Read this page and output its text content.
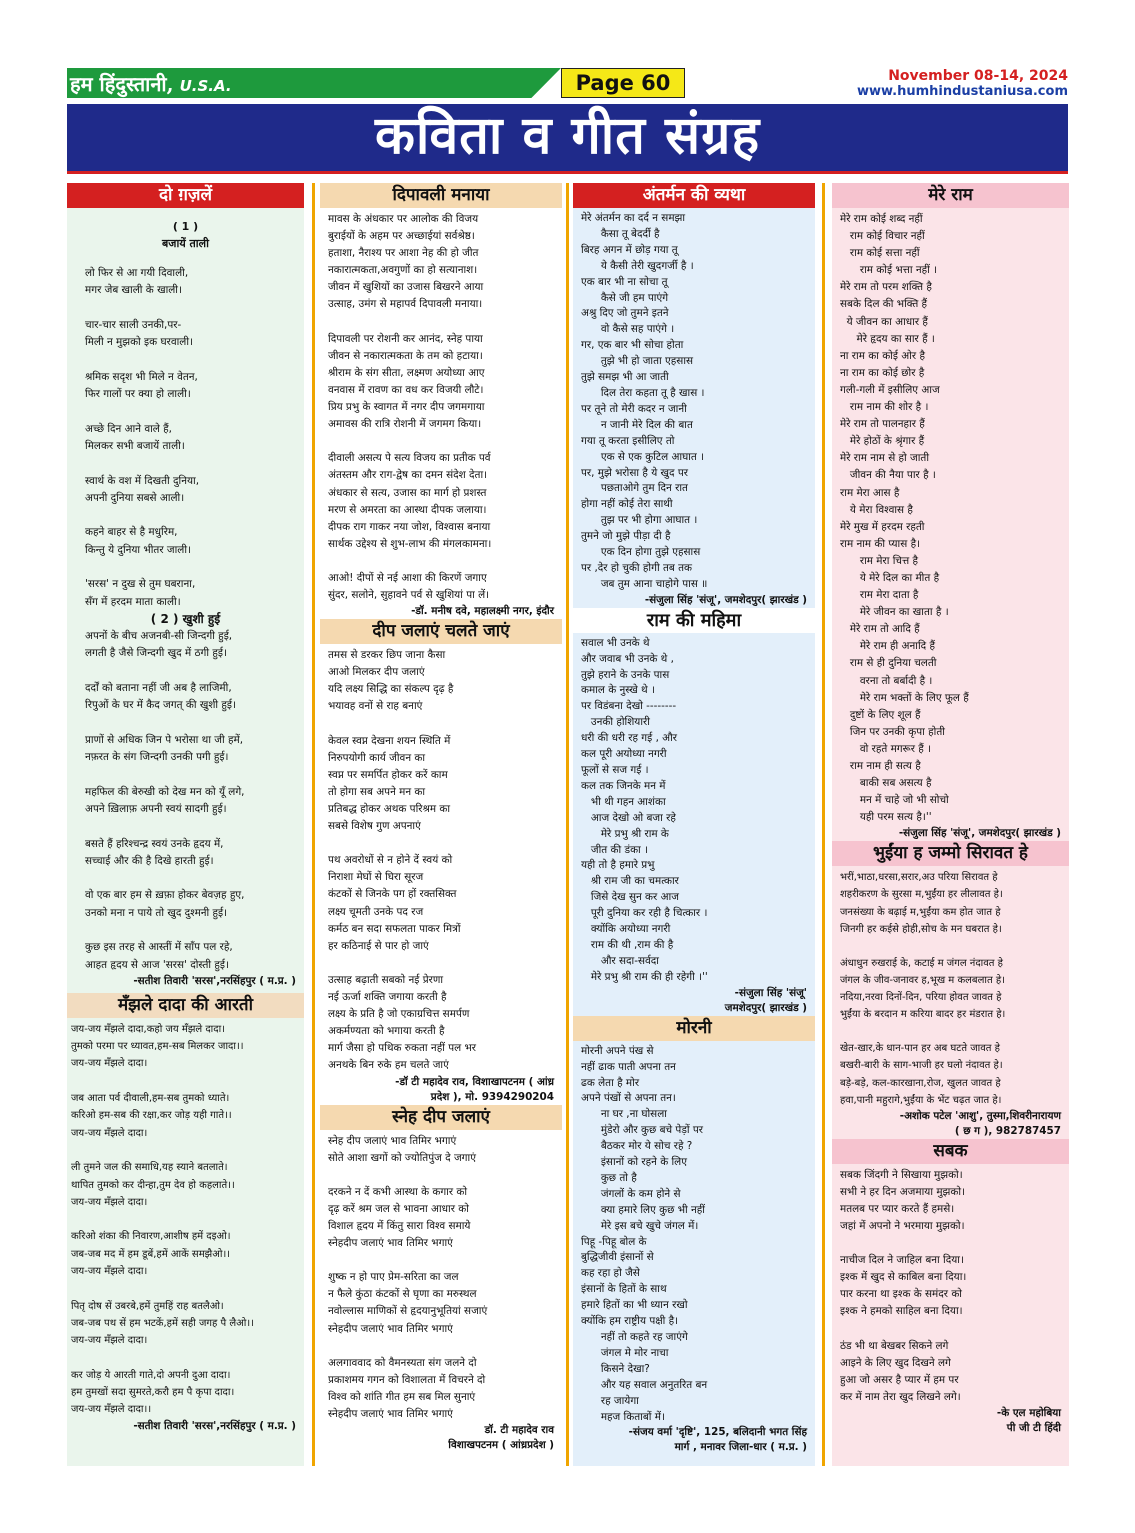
हम हिंदुस्तानी, U.S.A.	Page 60	November 08-14, 2024
www.humhindustaniusa.com
कविता व गीत संग्रह
दो ग़ज़लें
( 1 )
बजायें ताली
लो फिर से आ गयी दिवाली,
मगर जेब खाली के खाली।

चार-चार साली उनकी,पर-
मिली न मुझको इक घरवाली।

श्रमिक सदृश भी मिले न वेतन,
फिर गालों पर क्या हो लाली।

अच्छे दिन आने वाले हैं,
मिलकर सभी बजायें ताली।

स्वार्थ के वश में दिखती दुनिया,
अपनी दुनिया सबसे आली।

कहने बाहर से है मधुरिम,
किन्तु ये दुनिया भीतर जाली।

'सरस' न दुख से तुम घबराना,
सँग में हरदम माता काली।
( 2 ) खुशी हुई
अपनों के बीच अजनबी-सी जिन्दगी हुई,
लगती है जैसे जिन्दगी खुद में ठगी हुई।

दर्दों को बताना नहीं जी अब है लाजिमी,
रिपुओं के घर में कैद जगत् की खुशी हुई।

प्राणों से अधिक जिन पे भरोसा था जी हमें,
नफ़रत के संग जिन्दगी उनकी पगी हुई।

महफिल की बेरुखी को देख मन को यूँ लगे,
अपने ख़िलाफ़ अपनी स्वयं सादगी हुई।

बसते हैं हरिश्चन्द्र स्वयं उनके हृदय में,
सच्चाई और की है दिखे हारती हुई।

वो एक बार हम से ख़फ़ा होकर बेवज़ह हुए,
उनको मना न पाये तो खुद दुश्मनी हुई।

कुछ इस तरह से आस्तीं में साँप पल रहे,
आहत हृदय से आज 'सरस' दोस्ती हुई।
-सतीश तिवारी 'सरस',नरसिंहपुर ( म.प्र. )
मँझले दादा की आरती
जय-जय मँझले दादा,कहो जय मँझले दादा।
तुमको परमा पर ध्यावत,हम-सब मिलकर जादा।।
जय-जय मँझले दादा।

जब आता पर्व दीवाली,हम-सब तुमको ध्याते।
करिओ हम-सब की रक्षा,कर जोड़ यही गाते।।
जय-जय मँझले दादा।

ली तुमने जल की समाधि,यह स्याने बतलाते।
थापित तुमको कर दीन्हा,तुम देव हो कहलाते।।
जय-जय मँझले दादा।

करिओ शंका की निवारण,आशीष हमें दइओ।
जब-जब मद में हम डूबें,हमें आकें समझैओ।।
जय-जय मँझले दादा।

पितृ दोष सें उबरबे,हमें तुमहिं राह बतलैओ।
जब-जब पथ सें हम भटकें,हमें सही जगह पै लैओ।।
जय-जय मँझले दादा।

कर जोड़ ये आरती गाते,दो अपनी दुआ दादा।
हम तुमखों सदा सुमरते,करौ हम पै कृपा दादा।
जय-जय मँझले दादा।।
-सतीश तिवारी 'सरस',नरसिंहपुर ( म.प्र. )
दिपावली मनाया
मावस के अंधकार पर आलोक की विजय
बुराईयों के अहम पर अच्छाईयां सर्वश्रेष्ठ।
हताशा, नैराश्य पर आशा नेह की हो जीत
नकारात्मकता,अवगुणों का हो सत्यानाश।
जीवन में खुशियों का उजास बिखरने आया
उत्साह, उमंग से महापर्व दिपावली मनाया।

दिपावली पर रोशनी कर आनंद, स्नेह पाया
जीवन से नकारात्मकता के तम को हटाया।
श्रीराम के संग सीता, लक्ष्मण अयोध्या आए
वनवास में रावण का वध कर विजयी लौटे।
प्रिय प्रभु के स्वागत में नगर दीप जगमगाया
अमावस की रात्रि रोशनी में जगमग किया।

दीवाली असत्य पे सत्य विजय का प्रतीक पर्व
अंतस्तम और राग-द्वेष का दमन संदेश देता।
अंधकार से सत्य, उजास का मार्ग हो प्रशस्त
मरण से अमरता का आस्था दीपक जलाया।
दीपक राग गाकर नया जोश, विश्वास बनाया
सार्थक उद्देश्य से शुभ-लाभ की मंगलकामना।

आओ! दीपों से नई आशा की किरणें जगाए
सुंदर, सलोने, सुहावने पर्व से खुशियां पा लें।
-डॉ. मनीष दवे, महालक्ष्मी नगर, इंदौर
दीप जलाएं चलते जाएं
तमस से डरकर छिप जाना कैसा
आओ मिलकर दीप जलाएं
यदि लक्ष्य सिद्धि का संकल्प दृढ़ है
भयावह वनों से राह बनाएं

केवल स्वप्न देखना शयन स्थिति में
निरुपयोगी कार्य जीवन का
स्वप्न पर समर्पित होकर करें काम
तो होगा सब अपने मन का
प्रतिबद्ध होकर अथक परिश्रम का
सबसे विशेष गुण अपनाएं

पथ अवरोधों से न होने दें स्वयं को
निराशा मेघों से घिरा सूरज
कंटकों से जिनके पग हों रक्तसिक्त
लक्ष्य चूमती उनके पद रज
कर्मठ बन सदा सफलता पाकर मित्रों
हर कठिनाई से पार हो जाएं

उत्साह बढ़ाती सबको नई प्रेरणा
नई ऊर्जा शक्ति जगाया करती है
लक्ष्य के प्रति है जो एकाग्रचित्त समर्पण
अकर्मण्यता को भगाया करती है
मार्ग जैसा हो पथिक रुकता नहीं पल भर
अनथके बिन रुके हम चलते जाएं
-डॉ टी महादेव राव, विशाखापटनम ( आंध्र
प्रदेश ), मो. 9394290204
स्नेह दीप जलाएं
स्नेह दीप जलाएं भाव तिमिर भगाएं
सोते आशा खगों को ज्योतिपुंज दे जगाएं

दरकने न दें कभी आस्था के कगार को
दृढ़ करें श्रम जल से भावना आधार को
विशाल हृदय में किंतु सारा विश्व समाये
स्नेहदीप जलाएं भाव तिमिर भगाएं

शुष्क न हो पाए प्रेम-सरिता का जल
न फैले कुंठा कंटकों से घृणा का मरुस्थल
नवोल्लास माणिकों से हृदयानुभूतियां सजाएं
स्नेहदीप जलाएं भाव तिमिर भगाएं

अलगाववाद को वैमनस्यता संग जलने दो
प्रकाशमय गगन को विशालता में विचरने दो
विश्व को शांति गीत हम सब मिल सुनाएं
स्नेहदीप जलाएं भाव तिमिर भगाएं
डॉ. टी महादेव राव
विशाखपटनम ( आंध्रप्रदेश )
अंतर्मन की व्यथा
मेरे अंतर्मन का दर्द न समझा
कैसा तू बेदर्दी है
बिरह अगन में छोड़ गया तू
ये कैसी तेरी खुदगर्जी है ।
एक बार भी ना सोचा तू
कैसे जी हम पाएंगे
अश्रु दिए जो तुमने इतने
वो कैसे सह पाएंगे ।
गर, एक बार भी सोचा होता
तुझे भी हो जाता एहसास
तुझे समझ भी आ जाती
दिल तेरा कहता तू है खास ।
पर तूने तो मेरी कदर न जानी
न जानी मेरे दिल की बात
गया तू करता इसीलिए तो
एक से एक कुटिल आघात ।
पर, मुझे भरोसा है ये खुद पर
पछताओगे तुम दिन रात
होगा नहीं कोई तेरा साथी
तुझ पर भी होगा आघात ।
तुमने जो मुझे पीड़ा दी है
एक दिन होगा तुझे एहसास
पर ,देर हो चुकी होगी तब तक
जब तुम आना चाहोगे पास ॥
-संजुला सिंह 'संजू', जमशेदपुर( झारखंड )
राम की महिमा
सवाल भी उनके थे
और जवाब भी उनके थे ,
तुझे हराने के उनके पास
कमाल के नुस्खे थे ।
पर विडंबना देखो --------
उनकी होशियारी
धरी की धरी रह गई , और
कल पूरी अयोध्या नगरी
फूलों से सज गई ।
कल तक जिनके मन में
भी थी गहन आशंका
आज देखो ओ बजा रहे
मेरे प्रभु श्री राम के
जीत की डंका ।
यही तो है हमारे प्रभु
श्री राम जी का चमत्कार
जिसे देख सुन कर आज
पूरी दुनिया कर रही है चित्कार ।
क्योंकि अयोध्या नगरी
राम की थी ,राम की है
और सदा-सर्वदा
मेरे प्रभु श्री राम की ही रहेगी ।''
-संजुला सिंह 'संजू'
जमशेदपुर( झारखंड )
मोरनी
मोरनी अपने पंख से
नहीं ढाक पाती अपना तन
ढक लेता है मोर
अपने पंखों से अपना तन।
ना घर ,ना घोसला
मुंडेरो और कुछ बचे पेड़ों पर
बैठकर मोर ये सोच रहे ?
इंसानों को रहने के लिए
कुछ तो है
जंगलों के कम होने से
क्या हमारे लिए कुछ भी नहीं
मेरे इस बचे खुचे जंगल में।
पिहू -पिहू बोल के
बुद्धिजीवी इंसानों से
कह रहा हो जैसे
इंसानों के हितों के साथ
हमारे हितों का भी ध्यान रखो
क्योंकि हम राष्ट्रीय पक्षी है।
नहीं तो कहते रह जाएंगे
जंगल मे मोर नाचा
किसने देखा?
और यह सवाल अनुतरित बन
रह जायेगा
महज किताबों में।
-संजय वर्मा 'दृष्टि', 125, बलिदानी भगत सिंह
मार्ग , मनावर जिला-धार ( म.प्र. )
मेरे राम
मेरे राम कोई शब्द नहीं
राम कोई विचार नहीं
राम कोई सत्ता नहीं
राम कोई भत्ता नहीं ।
मेरे राम तो परम शक्ति है
सबके दिल की भक्ति हैं
ये जीवन का आधार हैं
मेरे हृदय का सार हैं ।
ना राम का कोई ओर है
ना राम का कोई छोर है
गली-गली में इसीलिए आज
राम नाम की शोर है ।
मेरे राम तो पालनहार हैं
मेरे होठों के श्रृंगार हैं
मेरे राम नाम से हो जाती
जीवन की नैया पार है ।
राम मेरा आस है
ये मेरा विश्वास है
मेरे मुख में हरदम रहती
राम नाम की प्यास है।
राम मेरा चित्त है
ये मेरे दिल का मीत है
राम मेरा दाता है
मेरे जीवन का खाता है ।
मेरे राम तो आदि हैं
मेरे राम ही अनादि हैं
राम से ही दुनिया चलती
वरना तो बर्बादी है ।
मेरे राम भक्तों के लिए फूल हैं
दुष्टों के लिए शूल हैं
जिन पर उनकी कृपा होती
वो रहते मगरूर हैं ।
राम नाम ही सत्य है
बाकी सब असत्य है
मन में चाहे जो भी सोचो
यही परम सत्य है।''
-संजुला सिंह 'संजू', जमशेदपुर( झारखंड )
भुईंया ह जम्मो सिरावत हे
भरीं,भाठा,धरसा,सरार,अउ परिया सिरावत हे
शहरीकरण के सुरसा म,भुईंया हर लीलावत हे।
जनसंख्या के बढ़ाई म,भुईंया कम होत जात हे
जिनगी हर कईसे होही,सोच के मन घबरात हे।

अंधाधुन रुखराई के, कटाई म जंगल नंदावत हे
जंगल के जीव-जनावर ह,भूख म कलबलात हे।
नदिया,नरवा दिनों-दिन, परिया होवत जावत हे
भुईंया के बरदान म करिया बादर हर मंडरात हे।

खेत-खार,के धान-पान हर अब घटते जावत हे
बखरी-बारी के साग-भाजी हर घलो नंदावत हे।
बड़े-बड़े, कल-कारखाना,रोज, खुलत जावत हे
हवा,पानी महुरागे,भुईंया के भेंट चढ़त जात हे।
-अशोक पटेल 'आशु', तुस्मा,शिवरीनारायण
( छ ग ), 982787457
सबक
सबक जिंदगी ने सिखाया मुझको।
सभी ने हर दिन अजमाया मुझको।
मतलब पर प्यार करते हैं हमसे।
जहां में अपनो ने भरमाया मुझको।

नाचीज दिल ने जाहिल बना दिया।
इश्क में खुद से काबिल बना दिया।
पार करना था इश्क के समंदर को
इश्क ने हमको साहिल बना दिया।

ठंड भी था बेखबर सिकने लगे
आइने के लिए खुद दिखने लगे
हुआ जो असर है प्यार में हम पर
कर में नाम तेरा खुद लिखने लगे।
-के एल महोबिया
पी जी टी हिंदी
